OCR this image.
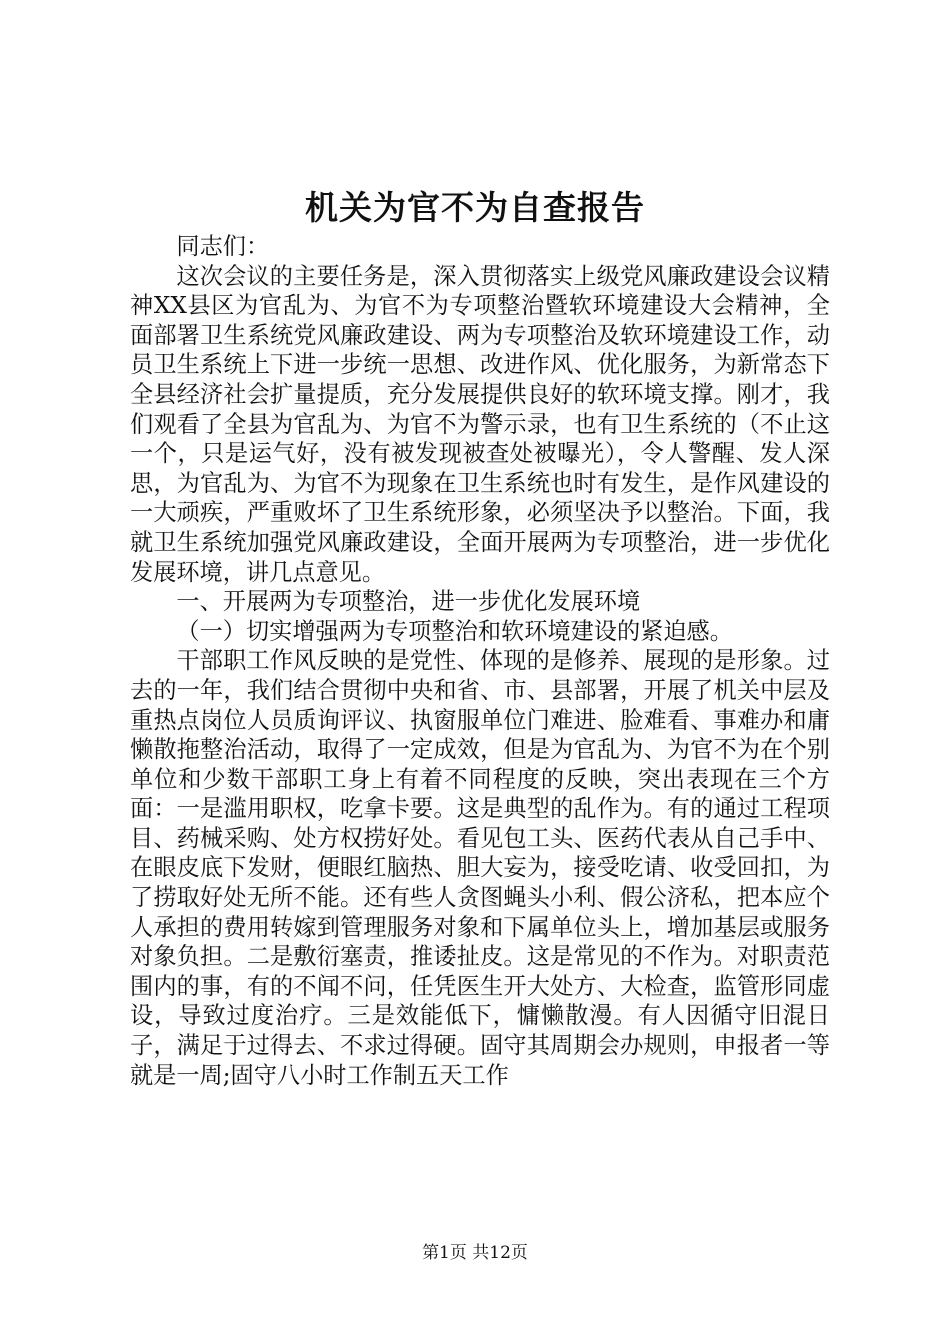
机关为官不为自查报告

同志们：

这次会议的主要任务是，深入贯彻落实上级党风廉政建设会议精神XX县区为官乱为、为官不为专项整治暨软环境建设大会精神，全面部署卫生系统党风廉政建设、两为专项整治及软环境建设工作，动员卫生系统上下进一步统一思想、改进作风、优化服务，为新常态下全县经济社会扩量提质，充分发展提供良好的软环境支撑。刚才，我们观看了全县为官乱为、为官不为警示录，也有卫生系统的（不止这一个，只是运气好，没有被发现被查处被曝光），令人警醒、发人深思，为官乱为、为官不为现象在卫生系统也时有发生，是作风建设的一大顽疾，严重败坏了卫生系统形象，必须坚决予以整治。下面，我就卫生系统加强党风廉政建设，全面开展两为专项整治，进一步优化发展环境，讲几点意见。

一、开展两为专项整治，进一步优化发展环境

（一）切实增强两为专项整治和软环境建设的紧迫感。

干部职工作风反映的是党性、体现的是修养、展现的是形象。过去的一年，我们结合贯彻中央和省、市、县部署，开展了机关中层及重热点岗位人员质询评议、执窗服单位门难进、脸难看、事难办和庸懒散拖整治活动，取得了一定成效，但是为官乱为、为官不为在个别单位和少数干部职工身上有着不同程度的反映，突出表现在三个方面：一是滥用职权，吃拿卡要。这是典型的乱作为。有的通过工程项目、药械采购、处方权捞好处。看见包工头、医药代表从自己手中、在眼皮底下发财，便眼红脑热、胆大妄为，接受吃请、收受回扣，为了捞取好处无所不能。还有些人贪图蝇头小利、假公济私，把本应个人承担的费用转嫁到管理服务对象和下属单位头上，增加基层或服务对象负担。二是敷衍塞责，推诿扯皮。这是常见的不作为。对职责范围内的事，有的不闻不问，任凭医生开大处方、大检查，监管形同虚设，导致过度治疗。三是效能低下，慵懒散漫。有人因循守旧混日子，满足于过得去、不求过得硬。固守其周期会办规则，申报者一等就是一周;固守八小时工作制五天工作

第1页 共12页
